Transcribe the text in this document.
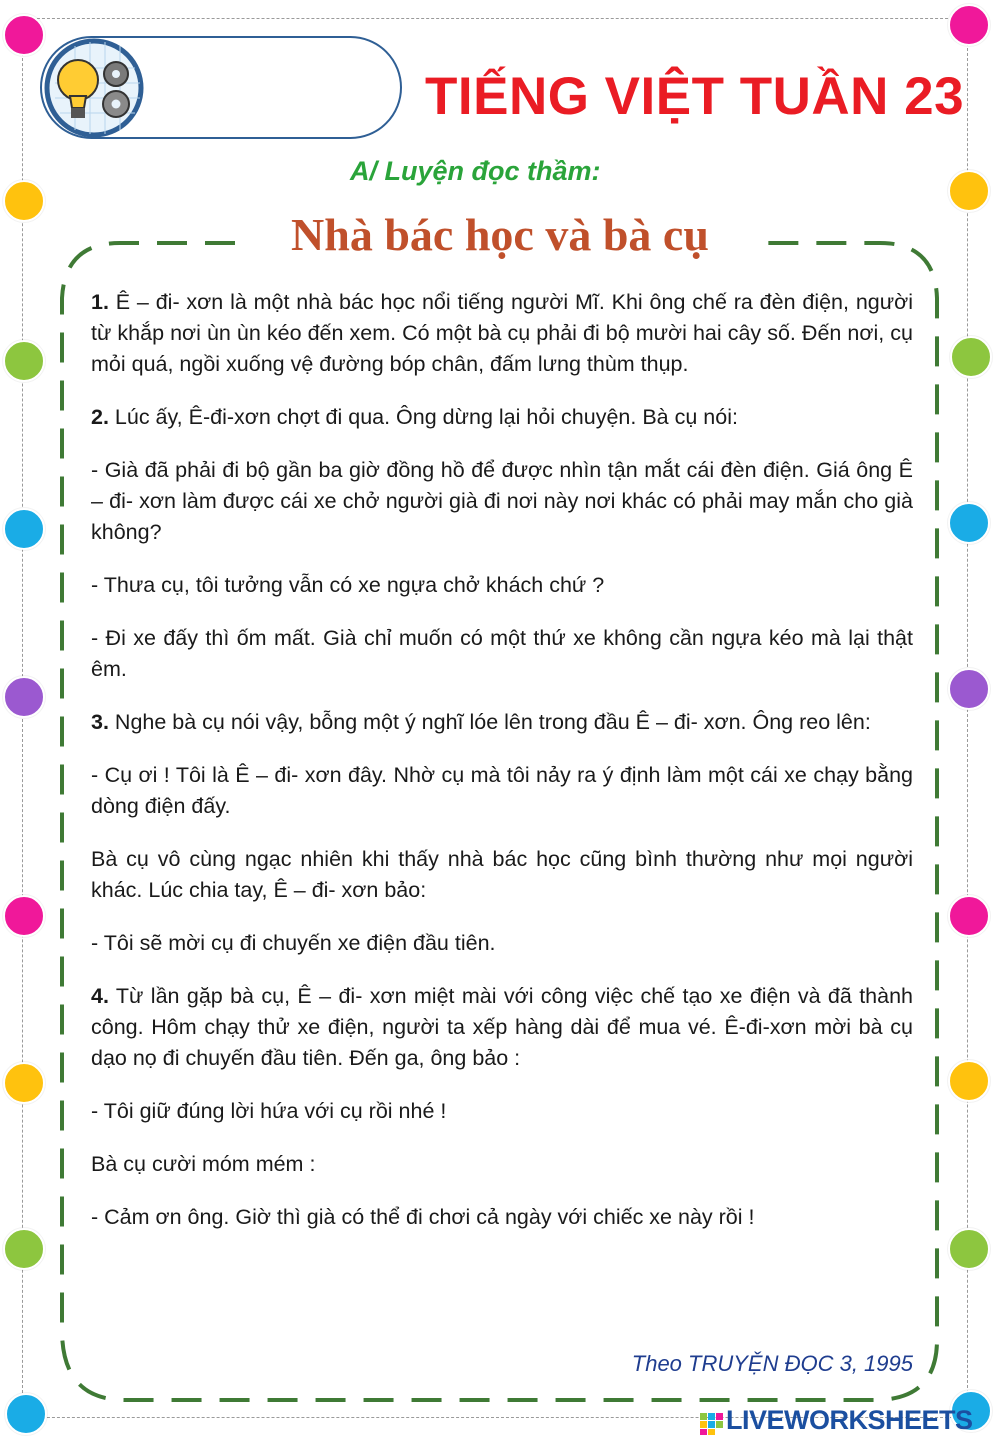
TIẾNG VIỆT TUẦN 23
A/ Luyện đọc thầm:
Nhà bác học và bà cụ

1. Ê – đi- xơn là một nhà bác học nổi tiếng người Mĩ. Khi ông chế ra đèn điện, người từ khắp nơi ùn ùn kéo đến xem. Có một bà cụ phải đi bộ mười hai cây số. Đến nơi, cụ mỏi quá, ngồi xuống vệ đường bóp chân, đấm lưng thùm thụp.

2. Lúc ấy, Ê-đi-xơn chợt đi qua. Ông dừng lại hỏi chuyện. Bà cụ nói:

- Già đã phải đi bộ gần ba giờ đồng hồ để được nhìn tận mắt cái đèn điện. Giá ông Ê – đi- xơn làm được cái xe chở người già đi nơi này nơi khác có phải may mắn cho già không?

- Thưa cụ, tôi tưởng vẫn có xe ngựa chở khách chứ ?

- Đi xe đấy thì ốm mất. Già chỉ muốn có một thứ xe không cần ngựa kéo mà lại thật êm.

3. Nghe bà cụ nói vậy, bỗng một ý nghĩ lóe lên trong đầu Ê – đi- xơn. Ông reo lên:

- Cụ ơi ! Tôi là Ê – đi- xơn đây. Nhờ cụ mà tôi nảy ra ý định làm một cái xe chạy bằng dòng điện đấy.

Bà cụ vô cùng ngạc nhiên khi thấy nhà bác học cũng bình thường như mọi người khác. Lúc chia tay, Ê – đi- xơn bảo:

- Tôi sẽ mời cụ đi chuyến xe điện đầu tiên.

4. Từ lần gặp bà cụ, Ê – đi- xơn miệt mài với công việc chế tạo xe điện và đã thành công. Hôm chạy thử xe điện, người ta xếp hàng dài để mua vé. Ê-đi-xơn mời bà cụ dạo nọ đi chuyến đầu tiên. Đến ga, ông bảo :

- Tôi giữ đúng lời hứa với cụ rồi nhé !

Bà cụ cười móm mém :

- Cảm ơn ông. Giờ thì già có thể đi chơi cả ngày với chiếc xe này rồi !

Theo TRUYỆN ĐỌC 3, 1995
LIVEWORKSHEETS
